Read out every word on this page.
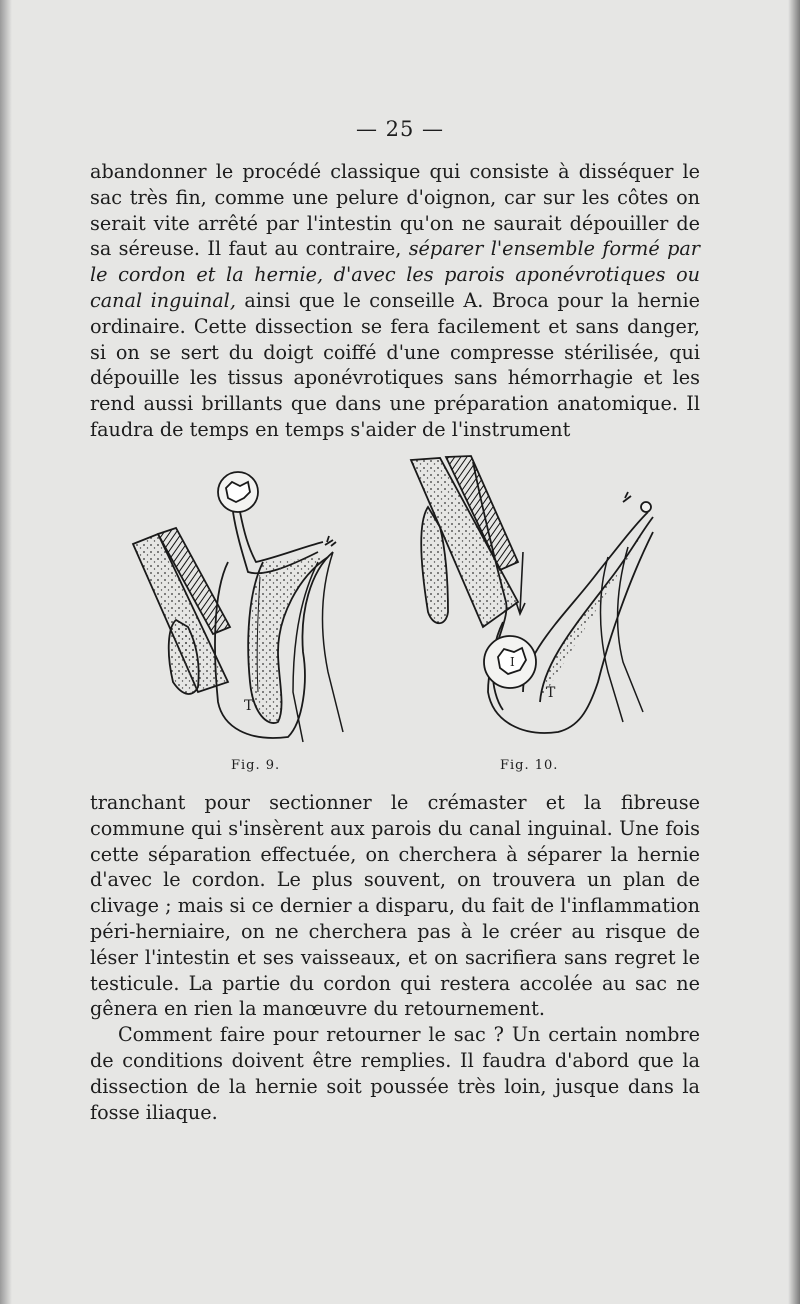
— 25 —

abandonner le procédé classique qui consiste à disséquer le sac très fin, comme une pelure d'oignon, car sur les côtes on serait vite arrêté par l'intestin qu'on ne saurait dépouiller de sa séreuse. Il faut au contraire, séparer l'ensemble formé par le cordon et la hernie, d'avec les parois aponévrotiques ou canal inguinal, ainsi que le conseille A. Broca pour la hernie ordinaire. Cette dissection se fera facilement et sans danger, si on se sert du doigt coiffé d'une compresse stérilisée, qui dépouille les tissus aponévrotiques sans hémorrhagie et les rend aussi brillants que dans une préparation anatomique. Il faudra de temps en temps s'aider de l'instrument

T
I
T
Fig. 9.	Fig. 10.

tranchant pour sectionner le crémaster et la fibreuse commune qui s'insèrent aux parois du canal inguinal. Une fois cette séparation effectuée, on cherchera à séparer la hernie d'avec le cordon. Le plus souvent, on trouvera un plan de clivage ; mais si ce dernier a disparu, du fait de l'inflammation péri-herniaire, on ne cherchera pas à le créer au risque de léser l'intestin et ses vaisseaux, et on sacrifiera sans regret le testicule. La partie du cordon qui restera accolée au sac ne gênera en rien la manœuvre du retournement.

Comment faire pour retourner le sac ? Un certain nombre de conditions doivent être remplies. Il faudra d'abord que la dissection de la hernie soit poussée très loin, jusque dans la fosse iliaque.
